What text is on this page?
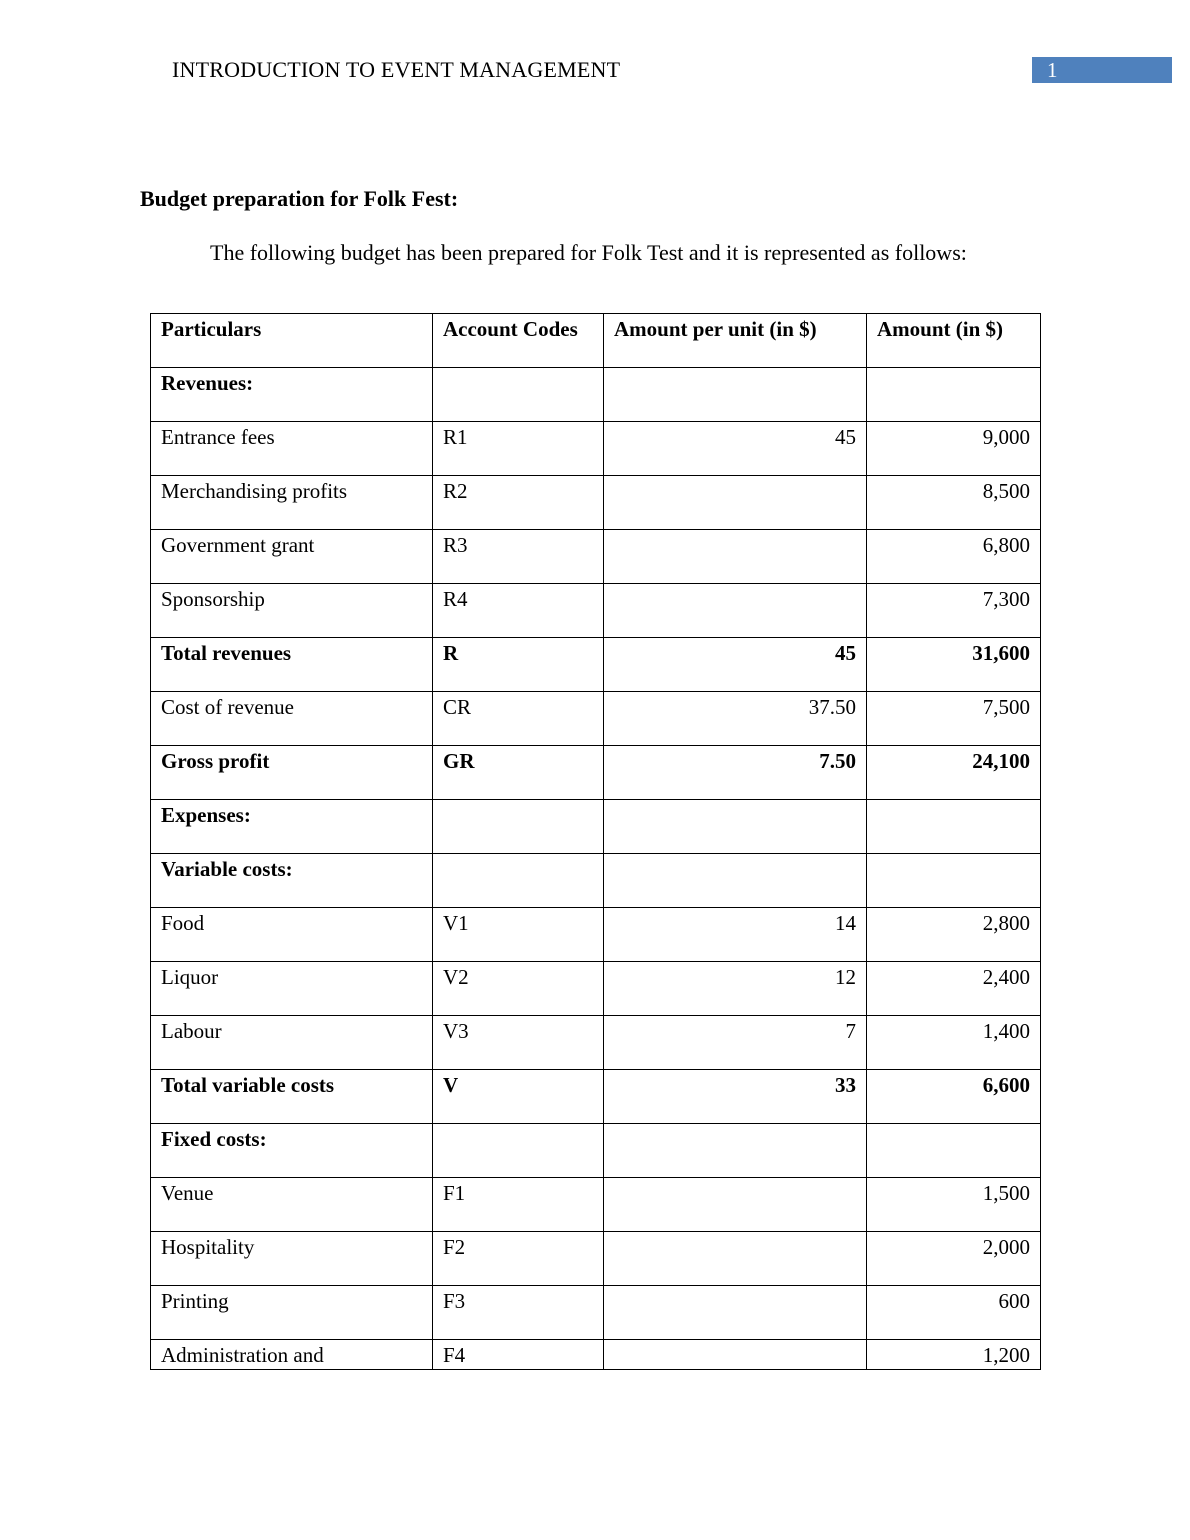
INTRODUCTION TO EVENT MANAGEMENT	1
Budget preparation for Folk Fest:
The following budget has been prepared for Folk Test and it is represented as follows:
Particulars	Account Codes	Amount per unit (in $)	Amount (in $)
Revenues:			
Entrance fees	R1	45	9,000
Merchandising profits	R2		8,500
Government grant	R3		6,800
Sponsorship	R4		7,300
Total revenues	R	45	31,600
Cost of revenue	CR	37.50	7,500
Gross profit	GR	7.50	24,100
Expenses:			
Variable costs:			
Food	V1	14	2,800
Liquor	V2	12	2,400
Labour	V3	7	1,400
Total variable costs	V	33	6,600
Fixed costs:			
Venue	F1		1,500
Hospitality	F2		2,000
Printing	F3		600
Administration and	F4		1,200
